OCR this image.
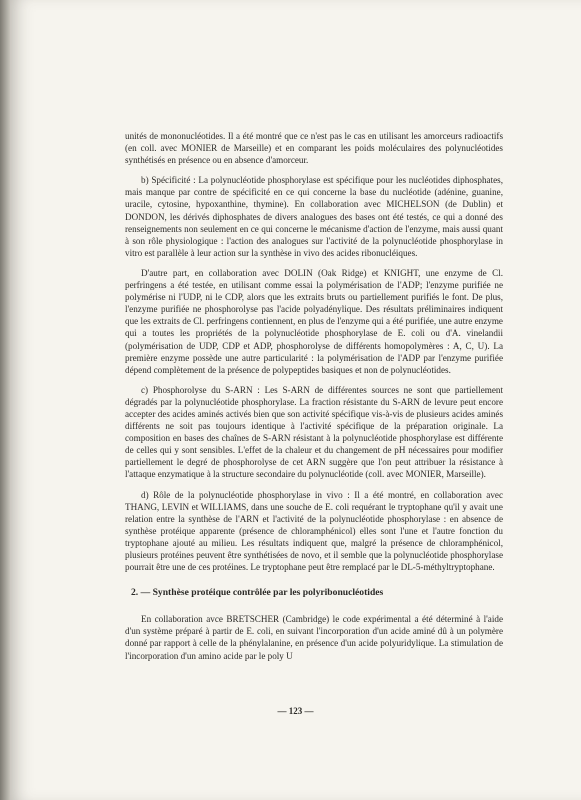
unités de mononucléotides. Il a été montré que ce n'est pas le cas en utilisant les amorceurs radioactifs (en coll. avec MONIER de Marseille) et en comparant les poids moléculaires des polynucléotides synthétisés en présence ou en absence d'amorceur.

b) Spécificité : La polynucléotide phosphorylase est spécifique pour les nucléotides diphosphates, mais manque par contre de spécificité en ce qui concerne la base du nucléotide (adénine, guanine, uracile, cytosine, hypoxanthine, thymine). En collaboration avec MICHELSON (de Dublin) et DONDON, les dérivés diphosphates de divers analogues des bases ont été testés, ce qui a donné des renseignements non seulement en ce qui concerne le mécanisme d'action de l'enzyme, mais aussi quant à son rôle physiologique : l'action des analogues sur l'activité de la polynucléotide phosphorylase in vitro est parallèle à leur action sur la synthèse in vivo des acides ribonucléiques.

D'autre part, en collaboration avec DOLIN (Oak Ridge) et KNIGHT, une enzyme de Cl. perfringens a été testée, en utilisant comme essai la polymérisation de l'ADP; l'enzyme purifiée ne polymérise ni l'UDP, ni le CDP, alors que les extraits bruts ou partiellement purifiés le font. De plus, l'enzyme purifiée ne phosphorolyse pas l'acide polyadénylique. Des résultats préliminaires indiquent que les extraits de Cl. perfringens contiennent, en plus de l'enzyme qui a été purifiée, une autre enzyme qui a toutes les propriétés de la polynucléotide phosphorylase de E. coli ou d'A. vinelandii (polymérisation de UDP, CDP et ADP, phosphorolyse de différents homopolymères : A, C, U). La première enzyme possède une autre particularité : la polymérisation de l'ADP par l'enzyme purifiée dépend complètement de la présence de polypeptides basiques et non de polynucléotides.

c) Phosphorolyse du S-ARN : Les S-ARN de différentes sources ne sont que partiellement dégradés par la polynucléotide phosphorylase. La fraction résistante du S-ARN de levure peut encore accepter des acides aminés activés bien que son activité spécifique vis-à-vis de plusieurs acides aminés différents ne soit pas toujours identique à l'activité spécifique de la préparation originale. La composition en bases des chaînes de S-ARN résistant à la polynucléotide phosphorylase est différente de celles qui y sont sensibles. L'effet de la chaleur et du changement de pH nécessaires pour modifier partiellement le degré de phosphorolyse de cet ARN suggère que l'on peut attribuer la résistance à l'attaque enzymatique à la structure secondaire du polynucléotide (coll. avec MONIER, Marseille).

d) Rôle de la polynucléotide phosphorylase in vivo : Il a été montré, en collaboration avec THANG, LEVIN et WILLIAMS, dans une souche de E. coli requérant le tryptophane qu'il y avait une relation entre la synthèse de l'ARN et l'activité de la polynucléotide phosphorylase : en absence de synthèse protéique apparente (présence de chloramphénicol) elles sont l'une et l'autre fonction du tryptophane ajouté au milieu. Les résultats indiquent que, malgré la présence de chloramphénicol, plusieurs protéines peuvent être synthétisées de novo, et il semble que la polynucléotide phosphorylase pourrait être une de ces protéines. Le tryptophane peut être remplacé par le DL-5-méthyltryptophane.

2. — Synthèse protéique contrôlée par les polyribonucléotides

En collaboration avce BRETSCHER (Cambridge) le code expérimental a été déterminé à l'aide d'un système préparé à partir de E. coli, en suivant l'incorporation d'un acide aminé dû à un polymère donné par rapport à celle de la phénylalanine, en présence d'un acide polyuridylique. La stimulation de l'incorporation d'un amino acide par le poly U

— 123 —
